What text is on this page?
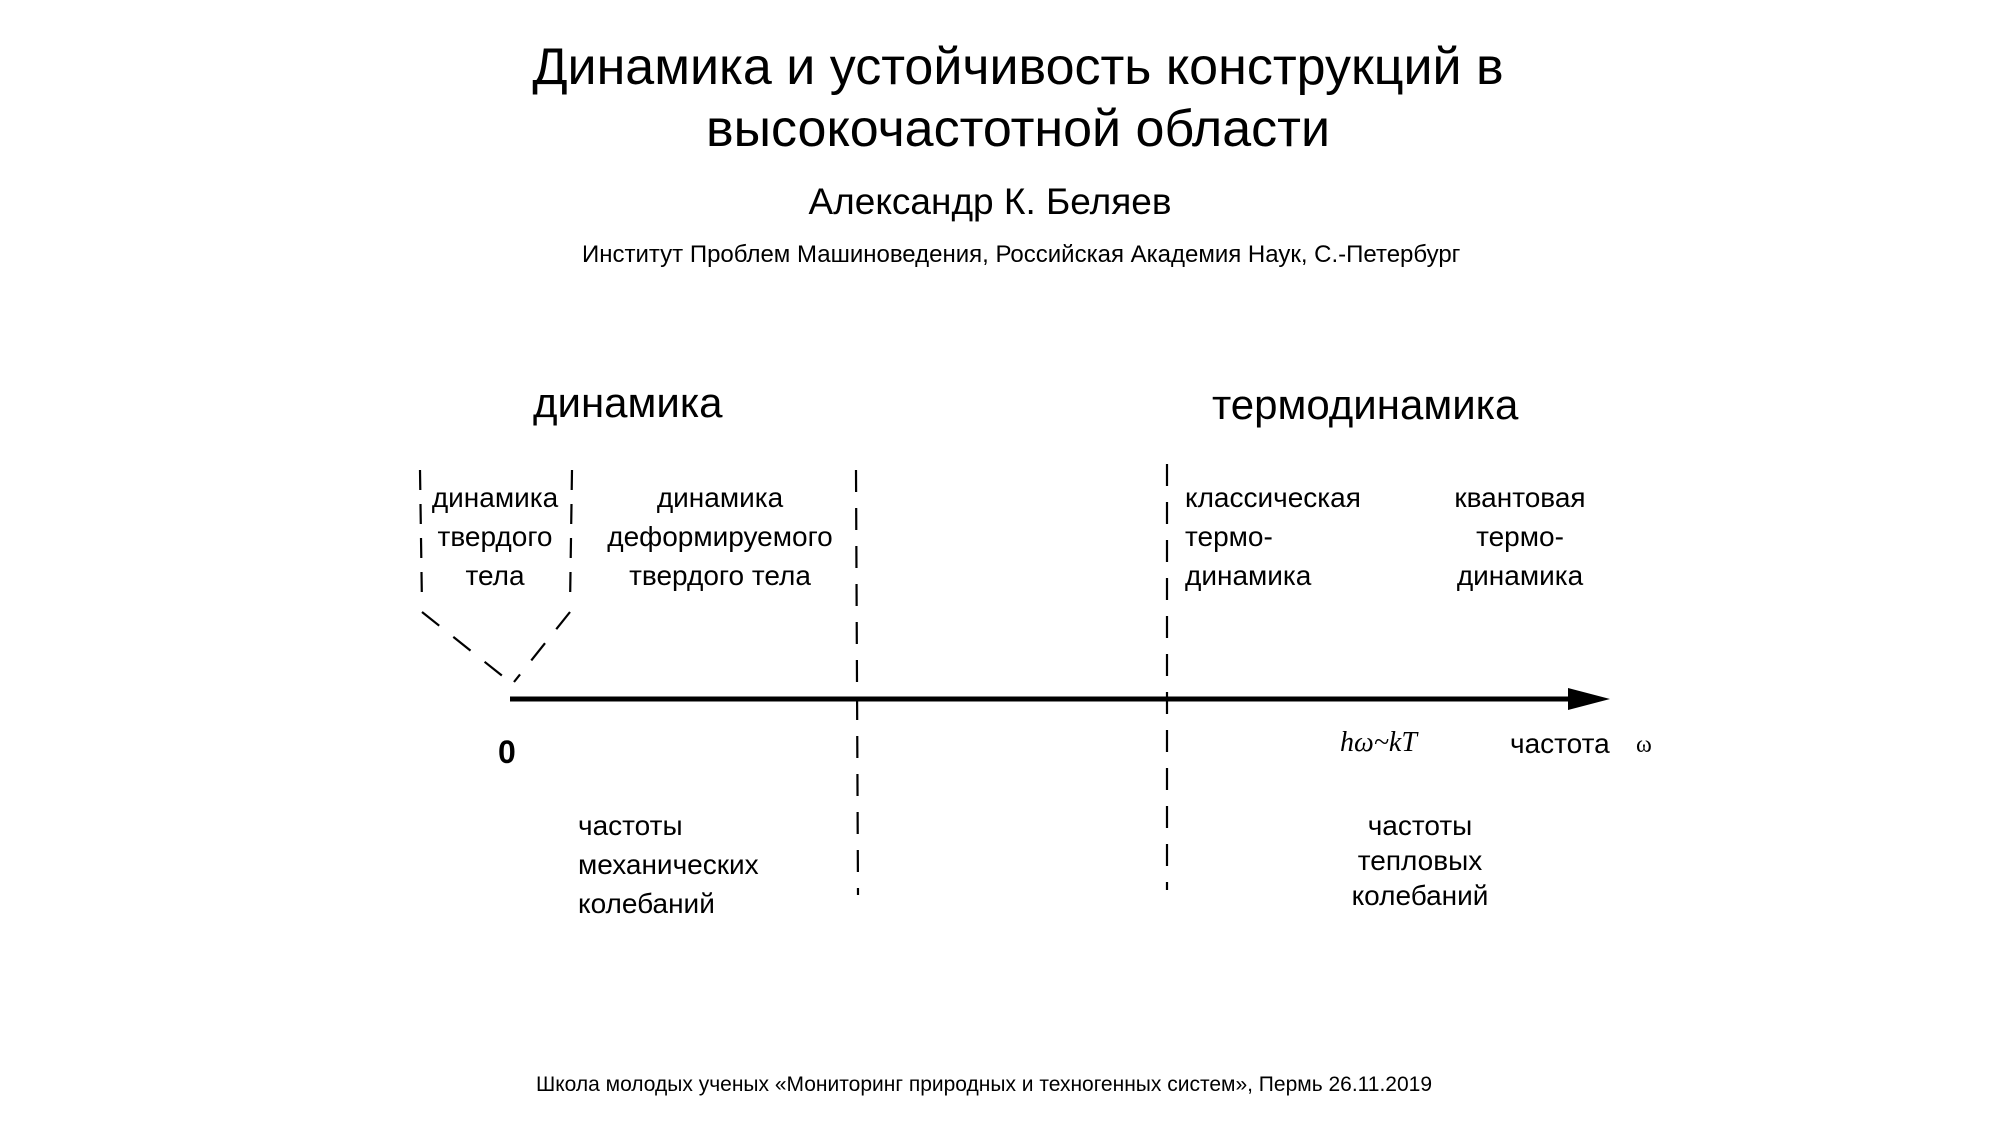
Динамика и устойчивость конструкций в
высокочастотной области
Александр К. Беляев
Институт Проблем Машиноведения, Российская Академия Наук, С.-Петербург
динамика	термодинамика
динамика
твердого
тела
динамика
деформируемого
твердого тела
классическая
термо-
динамика
квантовая
термо-
динамика
0	hω~kT	частота ω
частоты
механических
колебаний
частоты
тепловых
колебаний
Школа молодых ученых «Мониторинг природных и техногенных систем», Пермь 26.11.2019
